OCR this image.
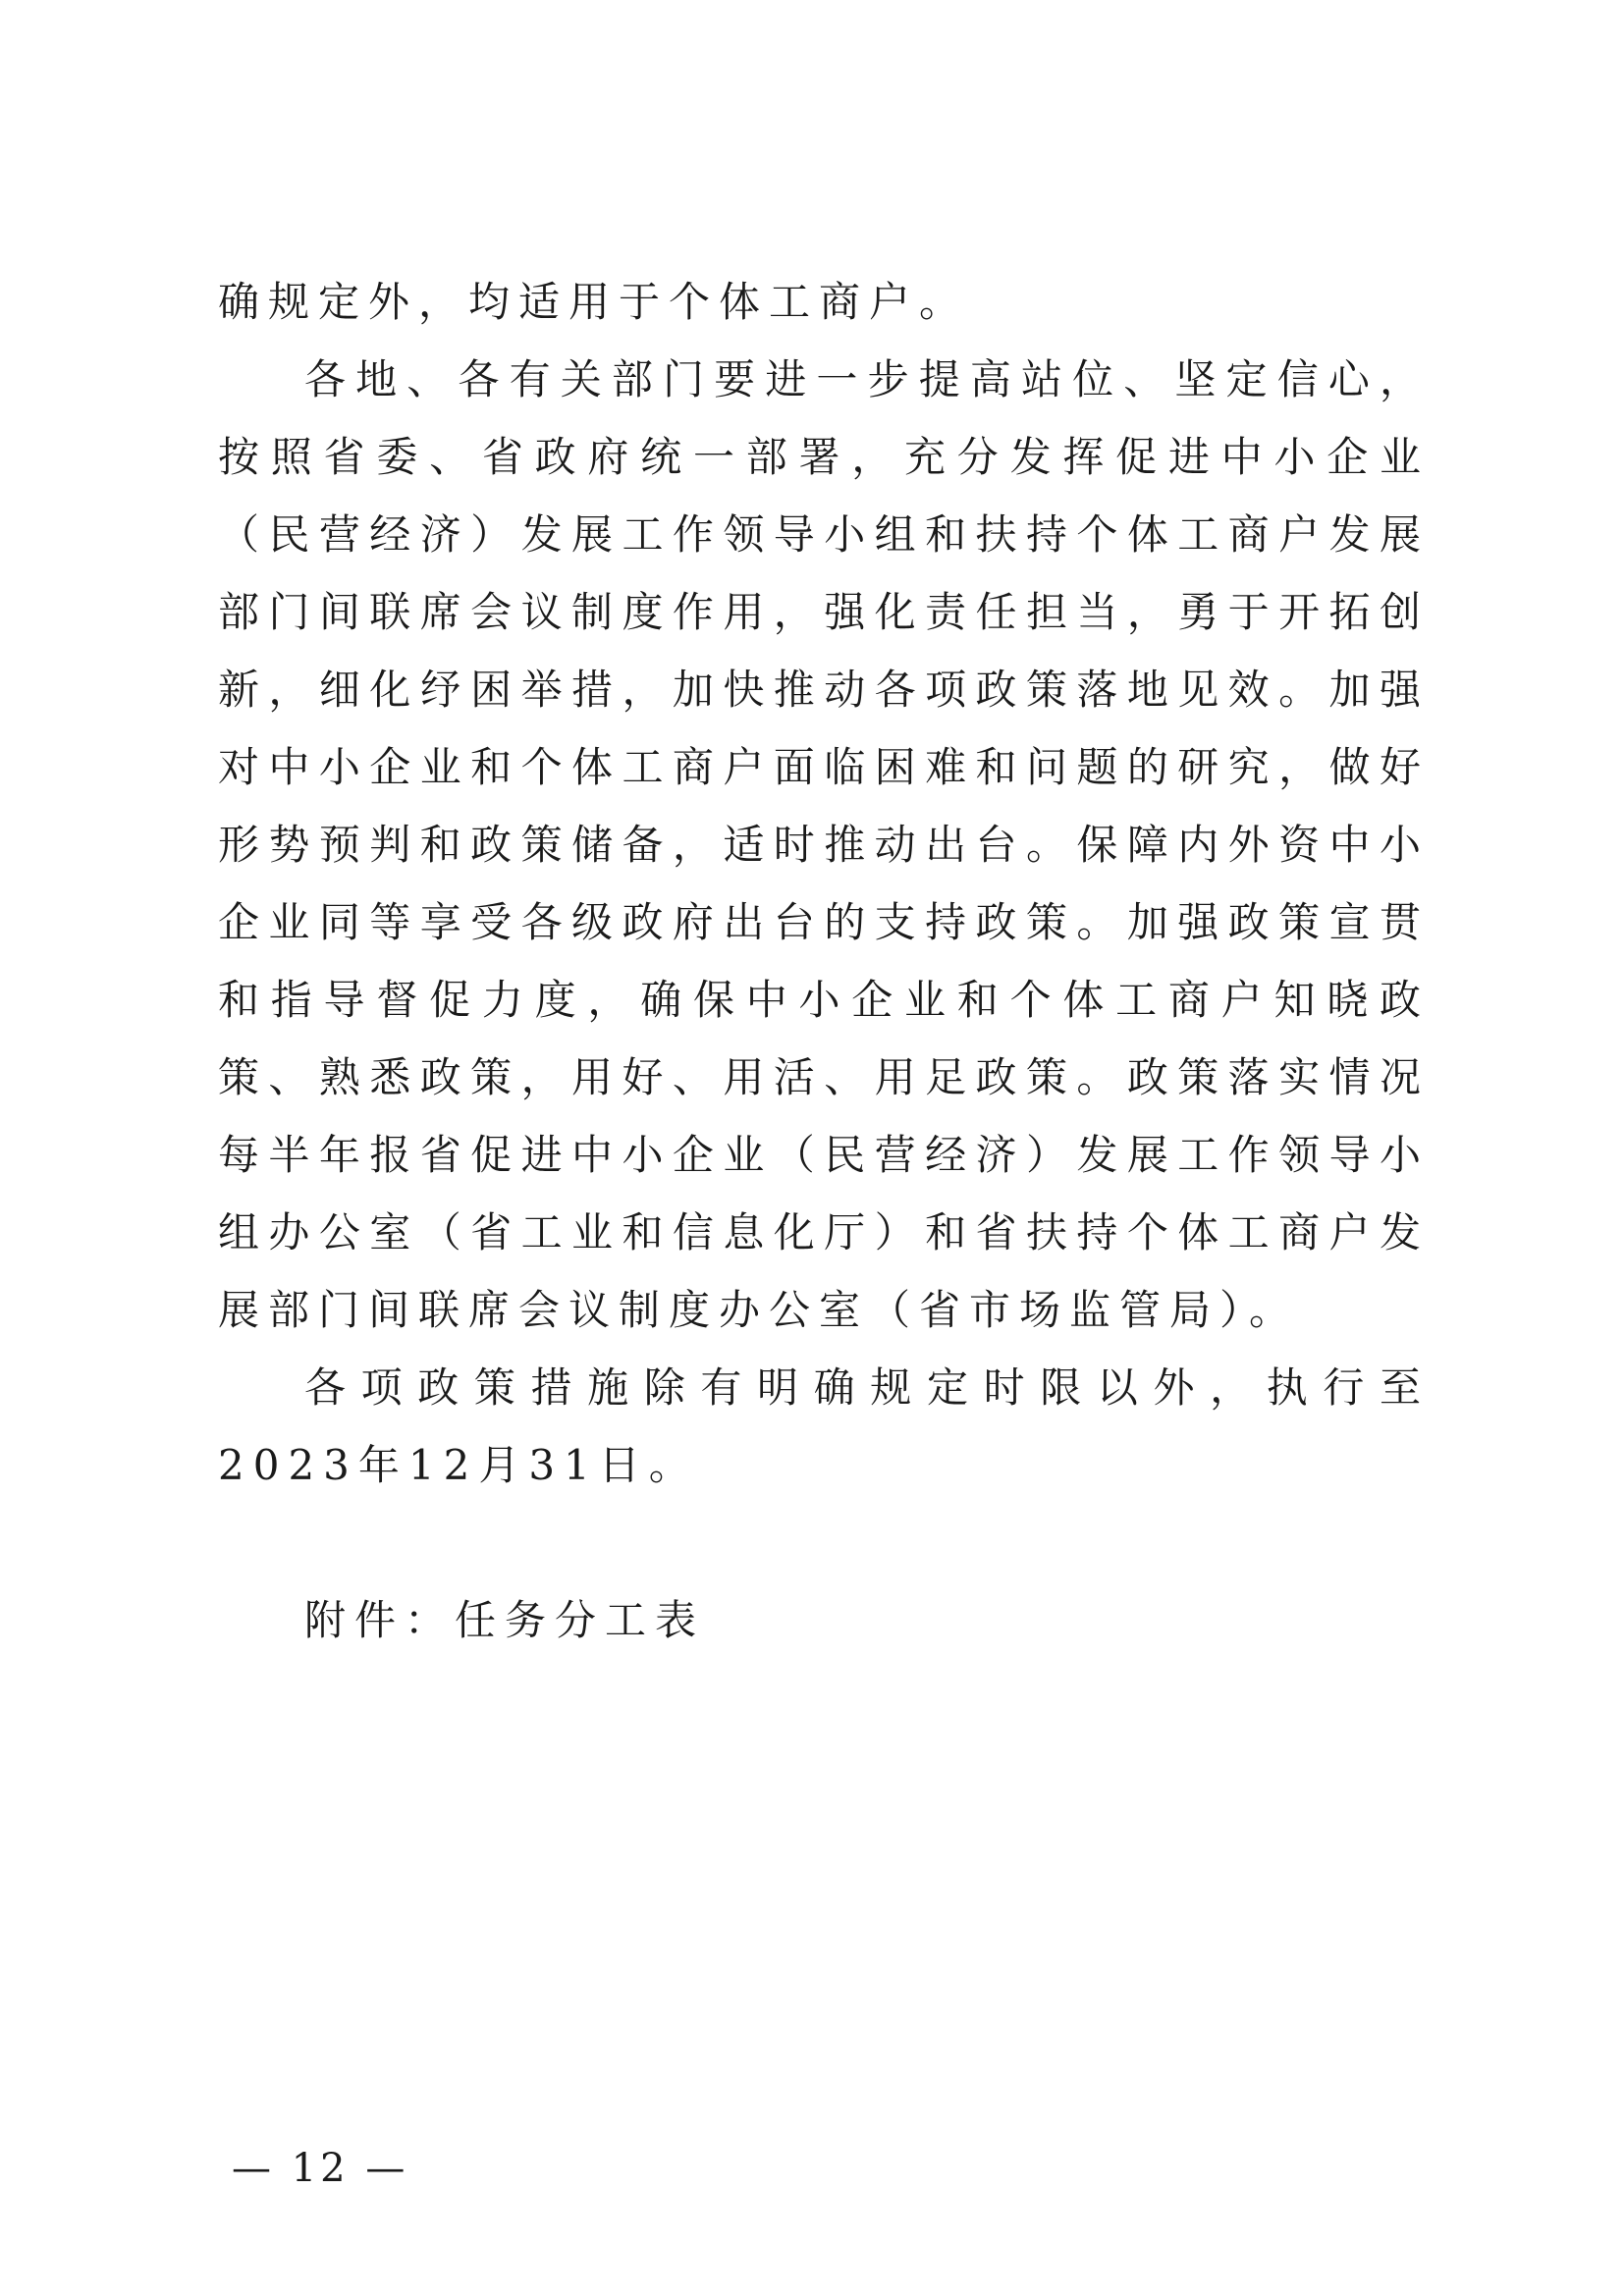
确规定外，均适用于个体工商户。

各地、各有关部门要进一步提高站位、坚定信心，按照省委、省政府统一部署，充分发挥促进中小企业（民营经济）发展工作领导小组和扶持个体工商户发展部门间联席会议制度作用，强化责任担当，勇于开拓创新，细化纾困举措，加快推动各项政策落地见效。加强对中小企业和个体工商户面临困难和问题的研究，做好形势预判和政策储备，适时推动出台。保障内外资中小企业同等享受各级政府出台的支持政策。加强政策宣贯和指导督促力度，确保中小企业和个体工商户知晓政策、熟悉政策，用好、用活、用足政策。政策落实情况每半年报省促进中小企业（民营经济）发展工作领导小组办公室（省工业和信息化厅）和省扶持个体工商户发展部门间联席会议制度办公室（省市场监管局）。

各项政策措施除有明确规定时限以外，执行至2023年12月31日。

附件：任务分工表

— 12 —
